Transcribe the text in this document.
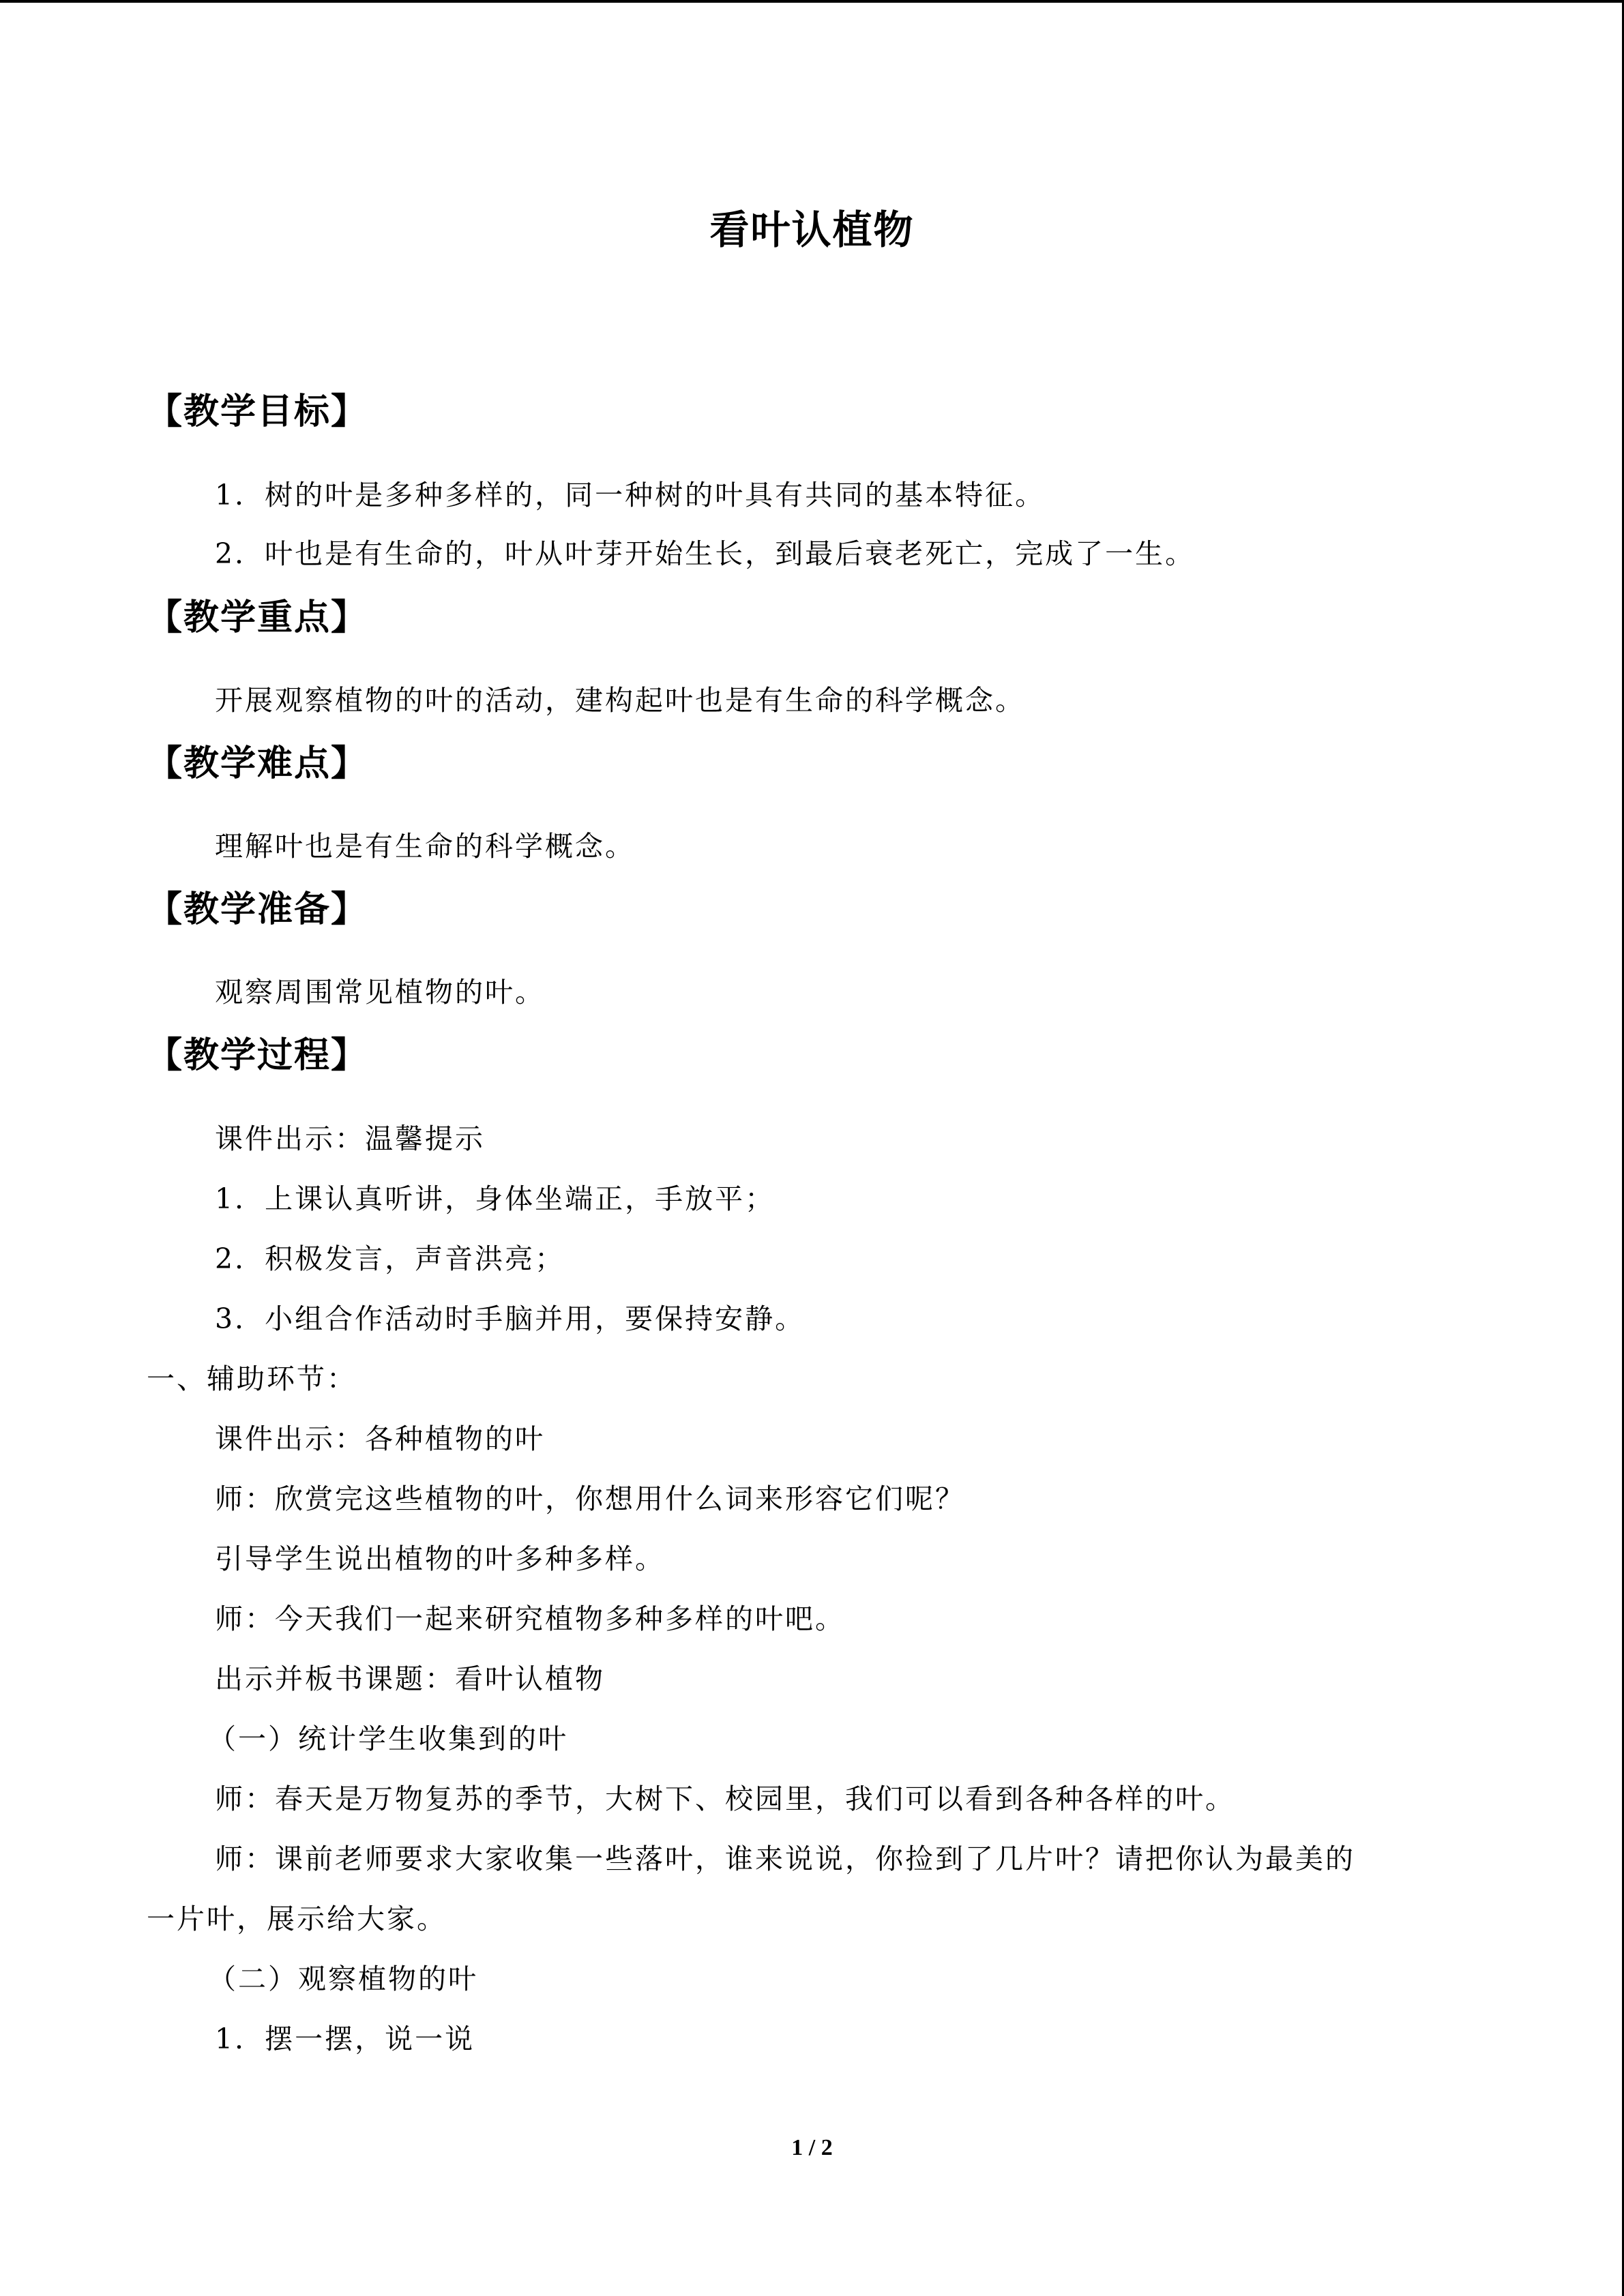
看叶认植物
【教学目标】
1．树的叶是多种多样的，同一种树的叶具有共同的基本特征。
2．叶也是有生命的，叶从叶芽开始生长，到最后衰老死亡，完成了一生。
【教学重点】
开展观察植物的叶的活动，建构起叶也是有生命的科学概念。
【教学难点】
理解叶也是有生命的科学概念。
【教学准备】
观察周围常见植物的叶。
【教学过程】
课件出示：温馨提示
1．上课认真听讲，身体坐端正，手放平；
2．积极发言，声音洪亮；
3．小组合作活动时手脑并用，要保持安静。
一、辅助环节：
课件出示：各种植物的叶
师：欣赏完这些植物的叶，你想用什么词来形容它们呢？
引导学生说出植物的叶多种多样。
师：今天我们一起来研究植物多种多样的叶吧。
出示并板书课题：看叶认植物
（一）统计学生收集到的叶
师：春天是万物复苏的季节，大树下、校园里，我们可以看到各种各样的叶。
师：课前老师要求大家收集一些落叶，谁来说说，你捡到了几片叶？请把你认为最美的
一片叶，展示给大家。
（二）观察植物的叶
1．摆一摆，说一说
1 / 2
